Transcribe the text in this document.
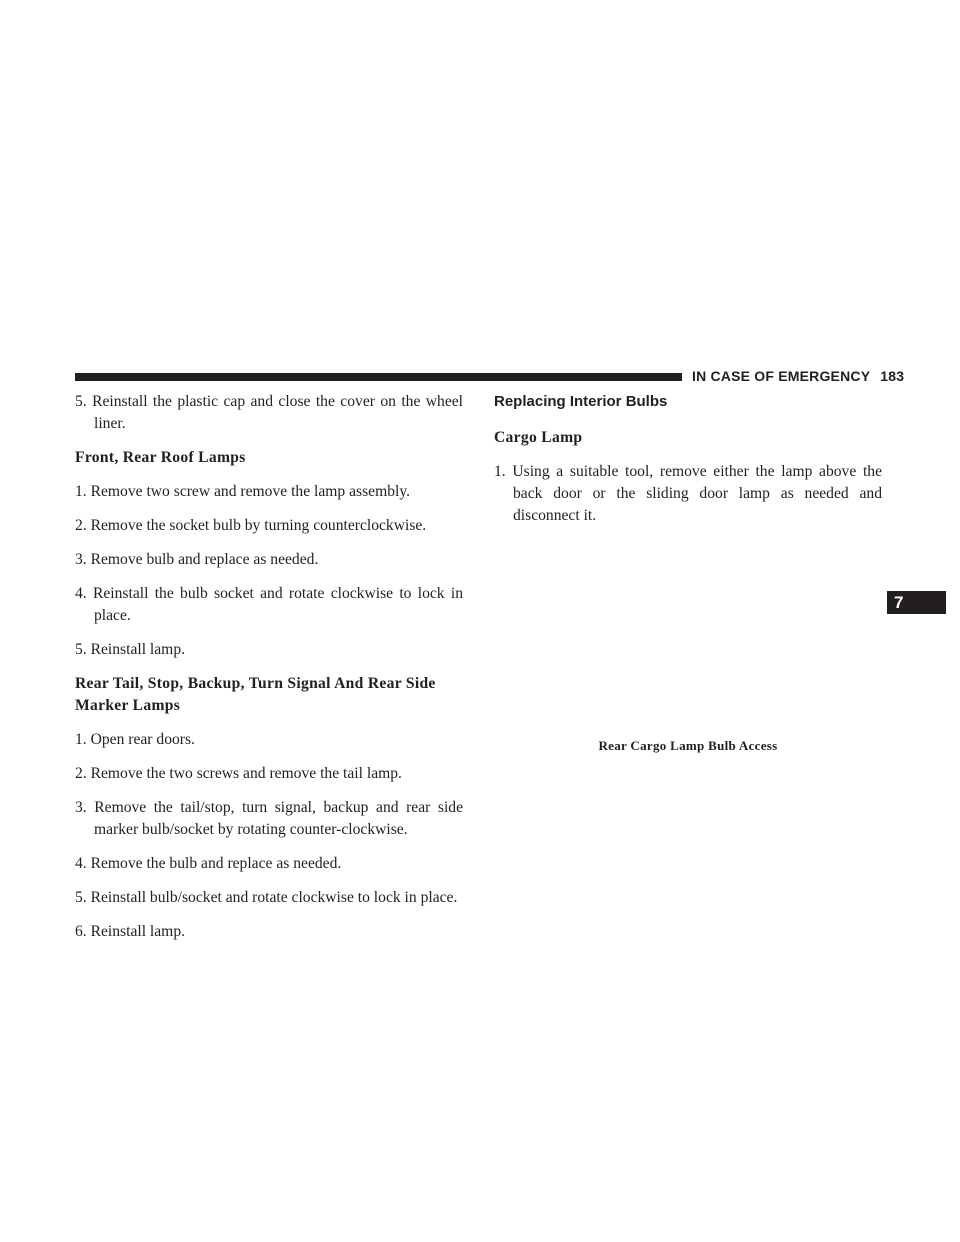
IN CASE OF EMERGENCY 183

5. Reinstall the plastic cap and close the cover on the wheel liner.

Front, Rear Roof Lamps

1. Remove two screw and remove the lamp assembly.

2. Remove the socket bulb by turning counterclockwise.

3. Remove bulb and replace as needed.

4. Reinstall the bulb socket and rotate clockwise to lock in place.

5. Reinstall lamp.

Rear Tail, Stop, Backup, Turn Signal And Rear Side Marker Lamps

1. Open rear doors.

2. Remove the two screws and remove the tail lamp.

3. Remove the tail/stop, turn signal, backup and rear side marker bulb/socket by rotating counter-clockwise.

4. Remove the bulb and replace as needed.

5. Reinstall bulb/socket and rotate clockwise to lock in place.

6. Reinstall lamp.

Replacing Interior Bulbs

Cargo Lamp

1. Using a suitable tool, remove either the lamp above the back door or the sliding door lamp as needed and disconnect it.

Rear Cargo Lamp Bulb Access
7
